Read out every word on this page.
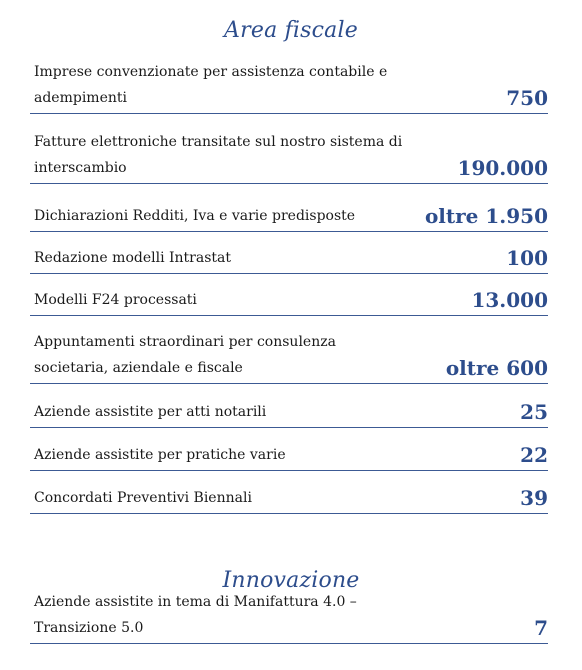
Area fiscale
Imprese convenzionate per assistenza contabile e adempimenti	750
Fatture elettroniche transitate sul nostro sistema di interscambio	190.000
Dichiarazioni Redditi, Iva e varie predisposte	oltre 1.950
Redazione modelli Intrastat	100
Modelli F24 processati	13.000
Appuntamenti straordinari per consulenza societaria, aziendale e fiscale	oltre 600
Aziende assistite per atti notarili	25
Aziende assistite per pratiche varie	22
Concordati Preventivi Biennali	39
Innovazione
Aziende assistite in tema di Manifattura 4.0 – Transizione 5.0	7
